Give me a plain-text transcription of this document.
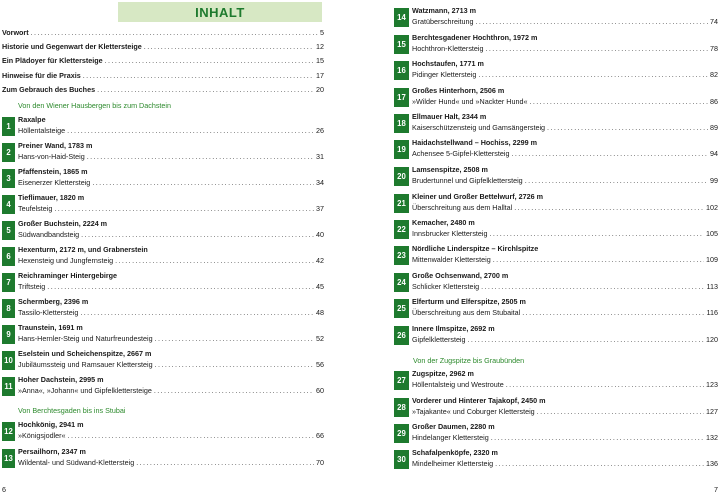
INHALT
Vorwort . . .	5
Historie und Gegenwart der Klettersteige . . .	12
Ein Plädoyer für Klettersteige . . .	15
Hinweise für die Praxis . . .	17
Zum Gebrauch des Buches . . .	20
Von den Wiener Hausbergen bis zum Dachstein
1
Raxalpe
Höllentalsteige . . .	26
2
Preiner Wand, 1783 m
Hans-von-Haid-Steig . . .	31
3
Pfaffenstein, 1865 m
Eisenerzer Klettersteig . . .	34
4
Tieflimauer, 1820 m
Teufelsteig . . .	37
5
Großer Buchstein, 2224 m
Südwandbandsteig . . .	40
6
Hexenturm, 2172 m, und Grabnerstein
Hexensteig und Jungfernsteig . . .	42
7
Reichraminger Hintergebirge
Triftsteig . . .	45
8
Schermberg, 2396 m
Tassilo-Klettersteig . . .	48
9
Traunstein, 1691 m
Hans-Hernler-Steig und Naturfreundesteig . . .	52
10
Eselstein und Scheichenspitze, 2667 m
Jubiläumssteig und Ramsauer Klettersteig . . .	56
11
Hoher Dachstein, 2995 m
»Anna«, »Johann« und Gipfelklettersteige . . .	60
Von Berchtesgaden bis ins Stubai
12
Hochkönig, 2941 m
»Königsjodler« . . .	66
13
Persailhorn, 2347 m
Wildental- und Südwand-Klettersteig . . .	70
6
14
Watzmann, 2713 m
Gratüberschreitung . . .	74
15
Berchtesgadener Hochthron, 1972 m
Hochthron-Klettersteig . . .	78
16
Hochstaufen, 1771 m
Pidinger Klettersteig . . .	82
17
Großes Hinterhorn, 2506 m
»Wilder Hund« und »Nackter Hund« . . .	86
18
Ellmauer Halt, 2344 m
Kaiserschützensteig und Gamsängersteig . . .	89
19
Haidachstellwand – Hochiss, 2299 m
Achensee 5-Gipfel-Klettersteig . . .	94
20
Lamsenspitze, 2508 m
Brudertunnel und Gipfelklettersteig . . .	99
21
Kleiner und Großer Bettelwurf, 2726 m
Überschreitung aus dem Halltal . . .	102
22
Kemacher, 2480 m
Innsbrucker Klettersteig . . .	105
23
Nördliche Linderspitze – Kirchlspitze
Mittenwalder Klettersteig . . .	109
24
Große Ochsenwand, 2700 m
Schlicker Klettersteig . . .	113
25
Elferturm und Elferspitze, 2505 m
Überschreitung aus dem Stubaital . . .	116
26
Innere Ilmspitze, 2692 m
Gipfelklettersteig . . .	120
Von der Zugspitze bis Graubünden
27
Zugspitze, 2962 m
Höllentalsteig und Westroute . . .	123
28
Vorderer und Hinterer Tajakopf, 2450 m
»Tajakante« und Coburger Klettersteig . . .	127
29
Großer Daumen, 2280 m
Hindelanger Klettersteig . . .	132
30
Schafalpenköpfe, 2320 m
Mindelheimer Klettersteig . . .	136
7
